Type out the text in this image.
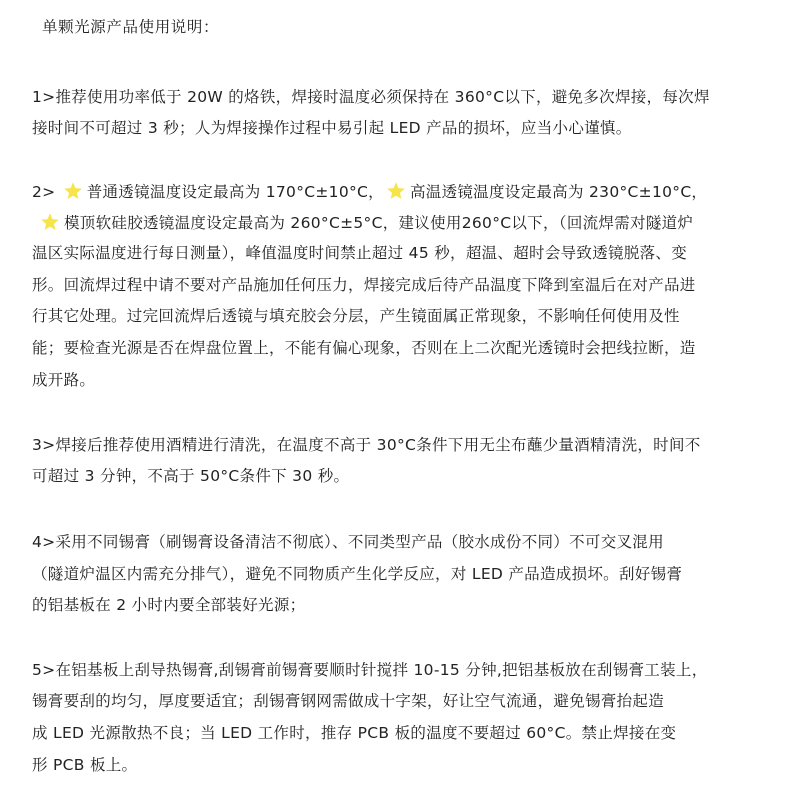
单颗光源产品使用说明：
1>推荐使用功率低于 20W 的烙铁，焊接时温度必须保持在 360°C以下，避免多次焊接，每次焊
接时间不可超过 3 秒；人为焊接操作过程中易引起 LED 产品的损坏，应当小心谨慎。
2> 普通透镜温度设定最高为 170°C±10°C， 高温透镜温度设定最高为 230°C±10°C，
模顶软硅胶透镜温度设定最高为 260°C±5°C，建议使用260°C以下，（回流焊需对隧道炉
温区实际温度进行每日测量），峰值温度时间禁止超过 45 秒，超温、超时会导致透镜脱落、变
形。回流焊过程中请不要对产品施加任何压力，焊接完成后待产品温度下降到室温后在对产品进
行其它处理。过完回流焊后透镜与填充胶会分层，产生镜面属正常现象，不影响任何使用及性
能；要检查光源是否在焊盘位置上，不能有偏心现象，否则在上二次配光透镜时会把线拉断，造
成开路。
3>焊接后推荐使用酒精进行清洗，在温度不高于 30°C条件下用无尘布蘸少量酒精清洗，时间不
可超过 3 分钟，不高于 50°C条件下 30 秒。
4>采用不同锡膏（刷锡膏设备清洁不彻底）、不同类型产品（胶水成份不同）不可交叉混用
（隧道炉温区内需充分排气），避免不同物质产生化学反应，对 LED 产品造成损坏。刮好锡膏
的铝基板在 2 小时内要全部装好光源；
5>在铝基板上刮导热锡膏,刮锡膏前锡膏要顺时针搅拌 10-15 分钟,把铝基板放在刮锡膏工装上，
锡膏要刮的均匀，厚度要适宜；刮锡膏钢网需做成十字架，好让空气流通，避免锡膏抬起造
成 LED 光源散热不良；当 LED 工作时，推存 PCB 板的温度不要超过 60°C。禁止焊接在变
形 PCB 板上。
